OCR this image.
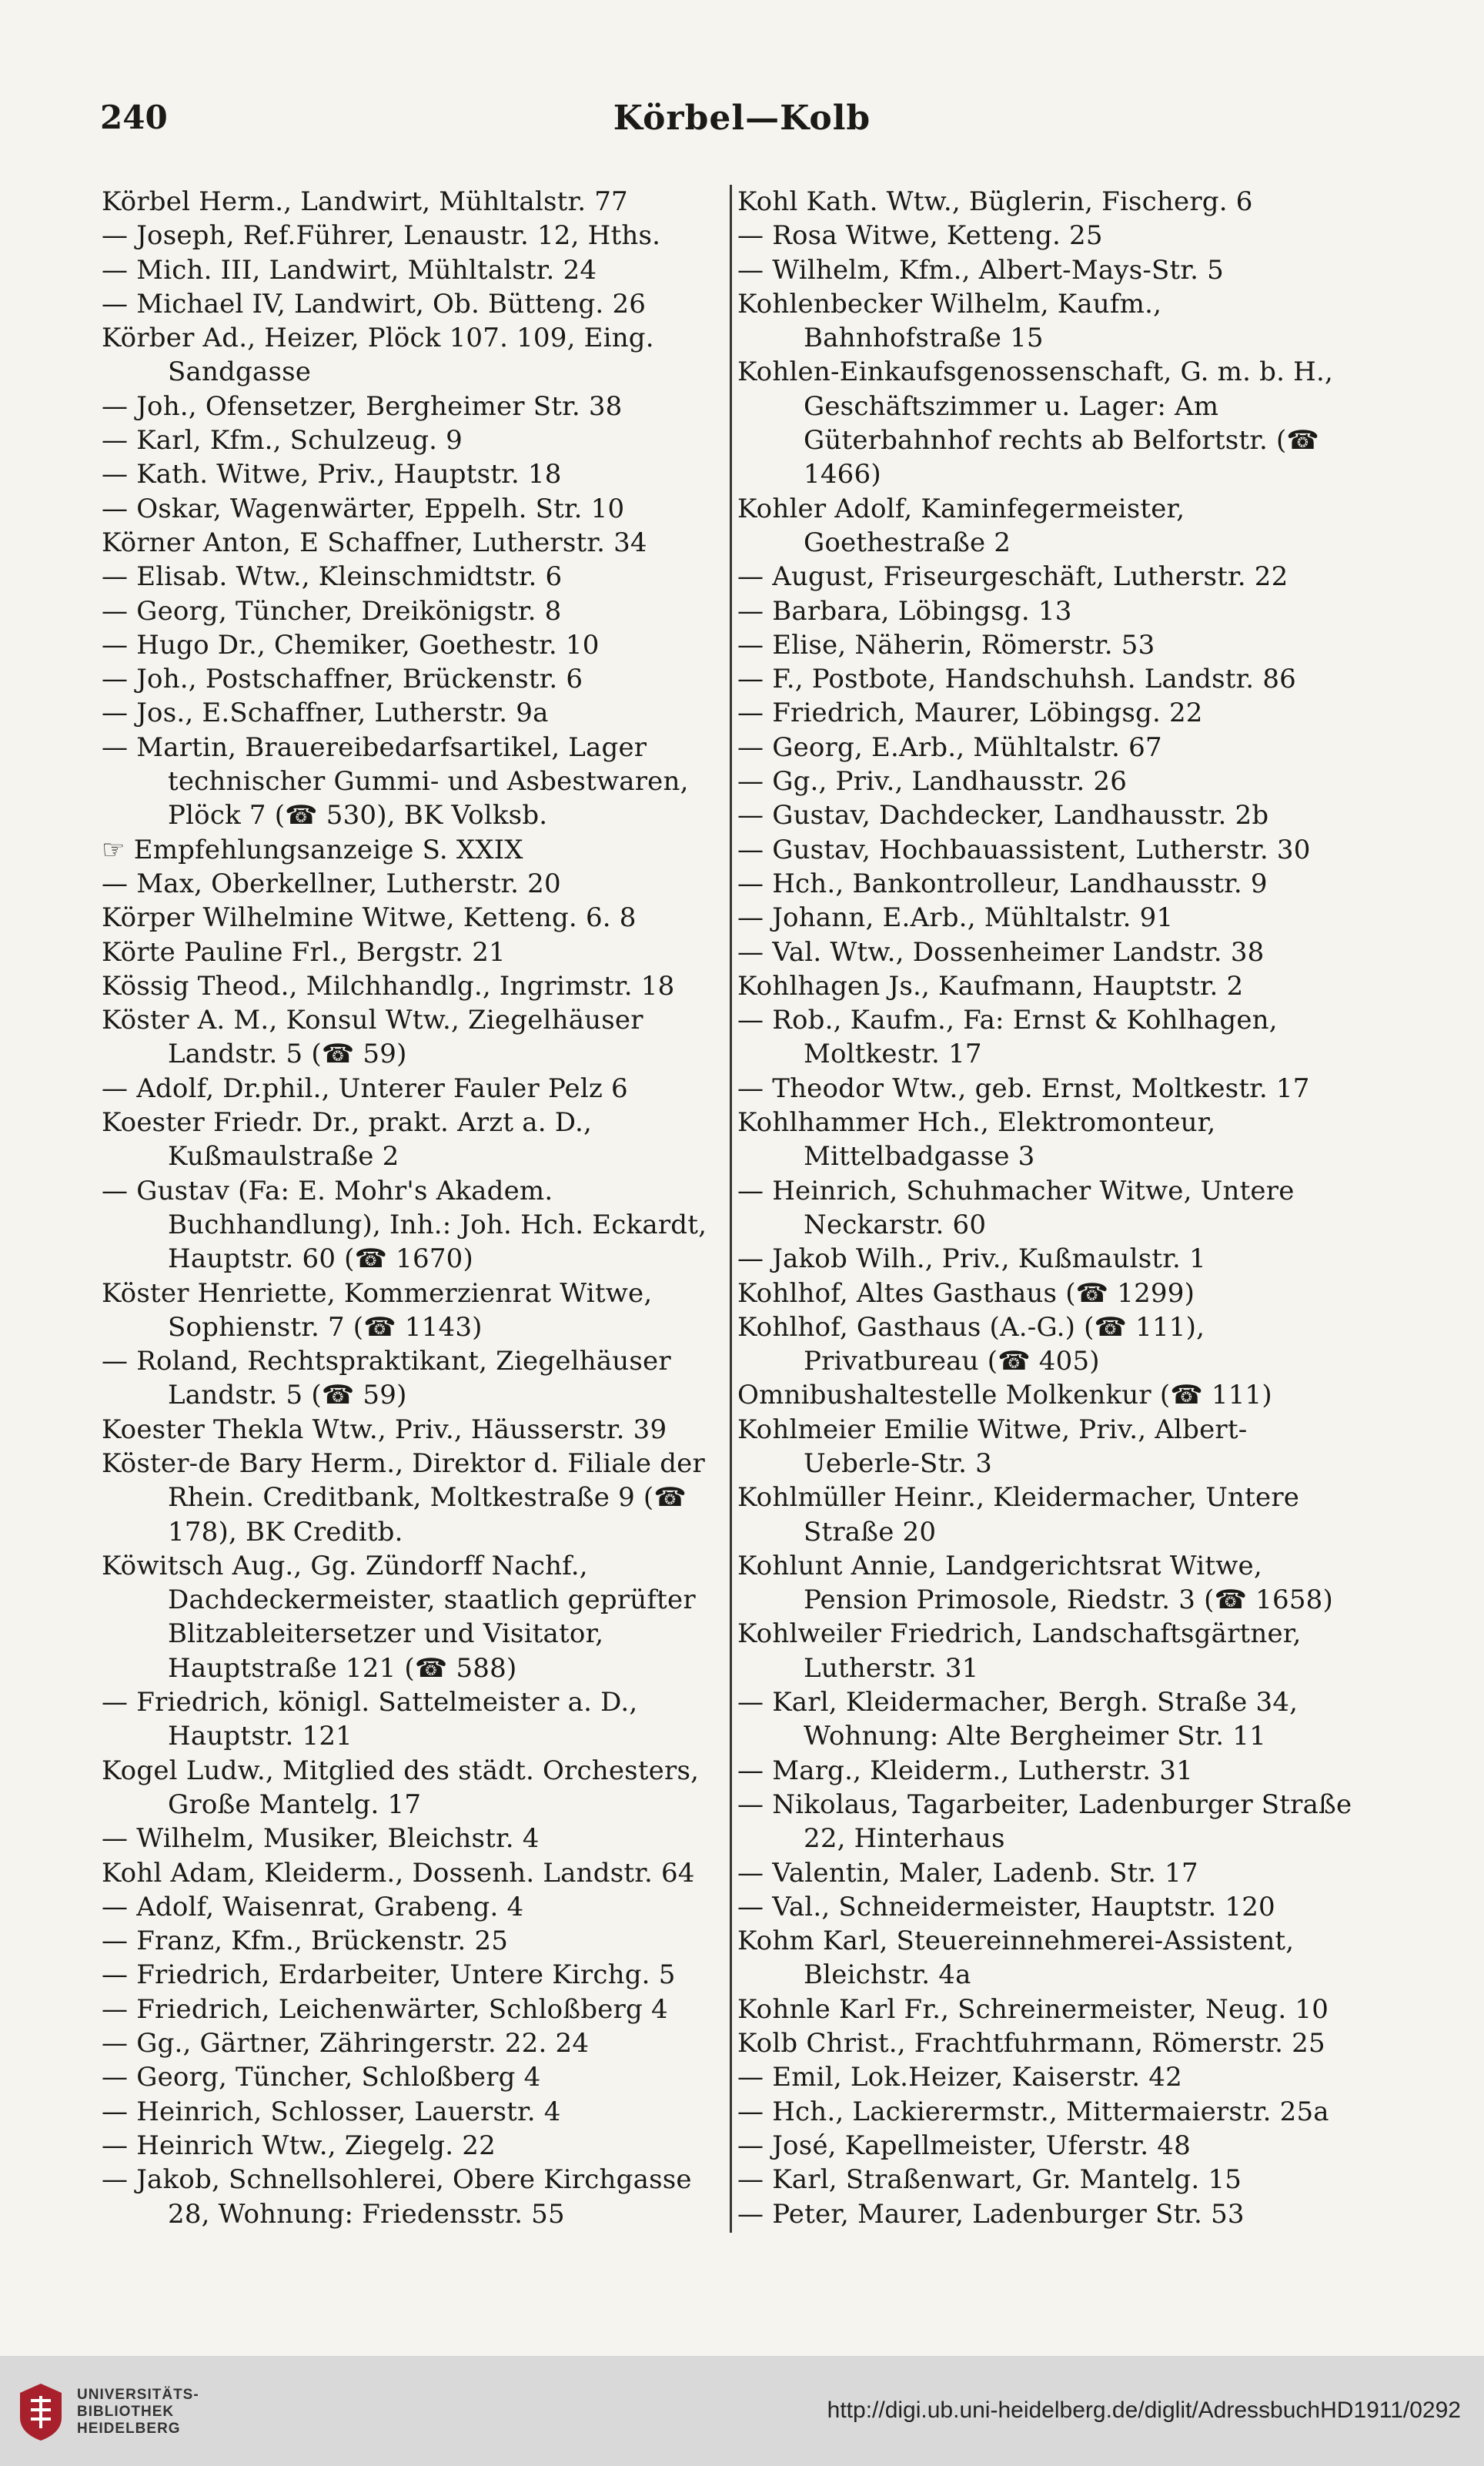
240	Körbel—Kolb

Körbel Herm., Landwirt, Mühltalstr. 77

— Joseph, Ref.Führer, Lenaustr. 12, Hths.

— Mich. III, Landwirt, Mühltalstr. 24

— Michael IV, Landwirt, Ob. Bütteng. 26

Körber Ad., Heizer, Plöck 107. 109, Eing. Sandgasse

— Joh., Ofensetzer, Bergheimer Str. 38

— Karl, Kfm., Schulzeug. 9

— Kath. Witwe, Priv., Hauptstr. 18

— Oskar, Wagenwärter, Eppelh. Str. 10

Körner Anton, E Schaffner, Lutherstr. 34

— Elisab. Wtw., Kleinschmidtstr. 6

— Georg, Tüncher, Dreikönigstr. 8

— Hugo Dr., Chemiker, Goethestr. 10

— Joh., Postschaffner, Brückenstr. 6

— Jos., E.Schaffner, Lutherstr. 9a

— Martin, Brauereibedarfsartikel, Lager technischer Gummi- und Asbestwaren, Plöck 7 (☎ 530), BK Volksb.

☞ Empfehlungsanzeige S. XXIX

— Max, Oberkellner, Lutherstr. 20

Körper Wilhelmine Witwe, Ketteng. 6. 8

Körte Pauline Frl., Bergstr. 21

Kössig Theod., Milchhandlg., Ingrimstr. 18

Köster A. M., Konsul Wtw., Ziegelhäuser Landstr. 5 (☎ 59)

— Adolf, Dr.phil., Unterer Fauler Pelz 6

Koester Friedr. Dr., prakt. Arzt a. D., Kußmaulstraße 2

— Gustav (Fa: E. Mohr's Akadem. Buchhandlung), Inh.: Joh. Hch. Eckardt, Hauptstr. 60 (☎ 1670)

Köster Henriette, Kommerzienrat Witwe, Sophienstr. 7 (☎ 1143)

— Roland, Rechtspraktikant, Ziegelhäuser Landstr. 5 (☎ 59)

Koester Thekla Wtw., Priv., Häusserstr. 39

Köster-de Bary Herm., Direktor d. Filiale der Rhein. Creditbank, Moltkestraße 9 (☎ 178), BK Creditb.

Köwitsch Aug., Gg. Zündorff Nachf., Dachdeckermeister, staatlich geprüfter Blitzableitersetzer und Visitator, Hauptstraße 121 (☎ 588)

— Friedrich, königl. Sattelmeister a. D., Hauptstr. 121

Kogel Ludw., Mitglied des städt. Orchesters, Große Mantelg. 17

— Wilhelm, Musiker, Bleichstr. 4

Kohl Adam, Kleiderm., Dossenh. Landstr. 64

— Adolf, Waisenrat, Grabeng. 4

— Franz, Kfm., Brückenstr. 25

— Friedrich, Erdarbeiter, Untere Kirchg. 5

— Friedrich, Leichenwärter, Schloßberg 4

— Gg., Gärtner, Zähringerstr. 22. 24

— Georg, Tüncher, Schloßberg 4

— Heinrich, Schlosser, Lauerstr. 4

— Heinrich Wtw., Ziegelg. 22

— Jakob, Schnellsohlerei, Obere Kirchgasse 28, Wohnung: Friedensstr. 55

Kohl Kath. Wtw., Büglerin, Fischerg. 6

— Rosa Witwe, Ketteng. 25

— Wilhelm, Kfm., Albert-Mays-Str. 5

Kohlenbecker Wilhelm, Kaufm., Bahnhofstraße 15

Kohlen-Einkaufsgenossenschaft, G. m. b. H., Geschäftszimmer u. Lager: Am Güterbahnhof rechts ab Belfortstr. (☎ 1466)

Kohler Adolf, Kaminfegermeister, Goethestraße 2

— August, Friseurgeschäft, Lutherstr. 22

— Barbara, Löbingsg. 13

— Elise, Näherin, Römerstr. 53

— F., Postbote, Handschuhsh. Landstr. 86

— Friedrich, Maurer, Löbingsg. 22

— Georg, E.Arb., Mühltalstr. 67

— Gg., Priv., Landhausstr. 26

— Gustav, Dachdecker, Landhausstr. 2b

— Gustav, Hochbauassistent, Lutherstr. 30

— Hch., Bankontrolleur, Landhausstr. 9

— Johann, E.Arb., Mühltalstr. 91

— Val. Wtw., Dossenheimer Landstr. 38

Kohlhagen Js., Kaufmann, Hauptstr. 2

— Rob., Kaufm., Fa: Ernst & Kohlhagen, Moltkestr. 17

— Theodor Wtw., geb. Ernst, Moltkestr. 17

Kohlhammer Hch., Elektromonteur, Mittelbadgasse 3

— Heinrich, Schuhmacher Witwe, Untere Neckarstr. 60

— Jakob Wilh., Priv., Kußmaulstr. 1

Kohlhof, Altes Gasthaus (☎ 1299)

Kohlhof, Gasthaus (A.-G.) (☎ 111), Privatbureau (☎ 405)

Omnibushaltestelle Molkenkur (☎ 111)

Kohlmeier Emilie Witwe, Priv., Albert-Ueberle-Str. 3

Kohlmüller Heinr., Kleidermacher, Untere Straße 20

Kohlunt Annie, Landgerichtsrat Witwe, Pension Primosole, Riedstr. 3 (☎ 1658)

Kohlweiler Friedrich, Landschaftsgärtner, Lutherstr. 31

— Karl, Kleidermacher, Bergh. Straße 34, Wohnung: Alte Bergheimer Str. 11

— Marg., Kleiderm., Lutherstr. 31

— Nikolaus, Tagarbeiter, Ladenburger Straße 22, Hinterhaus

— Valentin, Maler, Ladenb. Str. 17

— Val., Schneidermeister, Hauptstr. 120

Kohm Karl, Steuereinnehmerei-Assistent, Bleichstr. 4a

Kohnle Karl Fr., Schreinermeister, Neug. 10

Kolb Christ., Frachtfuhrmann, Römerstr. 25

— Emil, Lok.Heizer, Kaiserstr. 42

— Hch., Lackierermstr., Mittermaierstr. 25a

— José, Kapellmeister, Uferstr. 48

— Karl, Straßenwart, Gr. Mantelg. 15

— Peter, Maurer, Ladenburger Str. 53

UNIVERSITÄTS-
BIBLIOTHEK
HEIDELBERG
http://digi.ub.uni-heidelberg.de/diglit/AdressbuchHD1911/0292
